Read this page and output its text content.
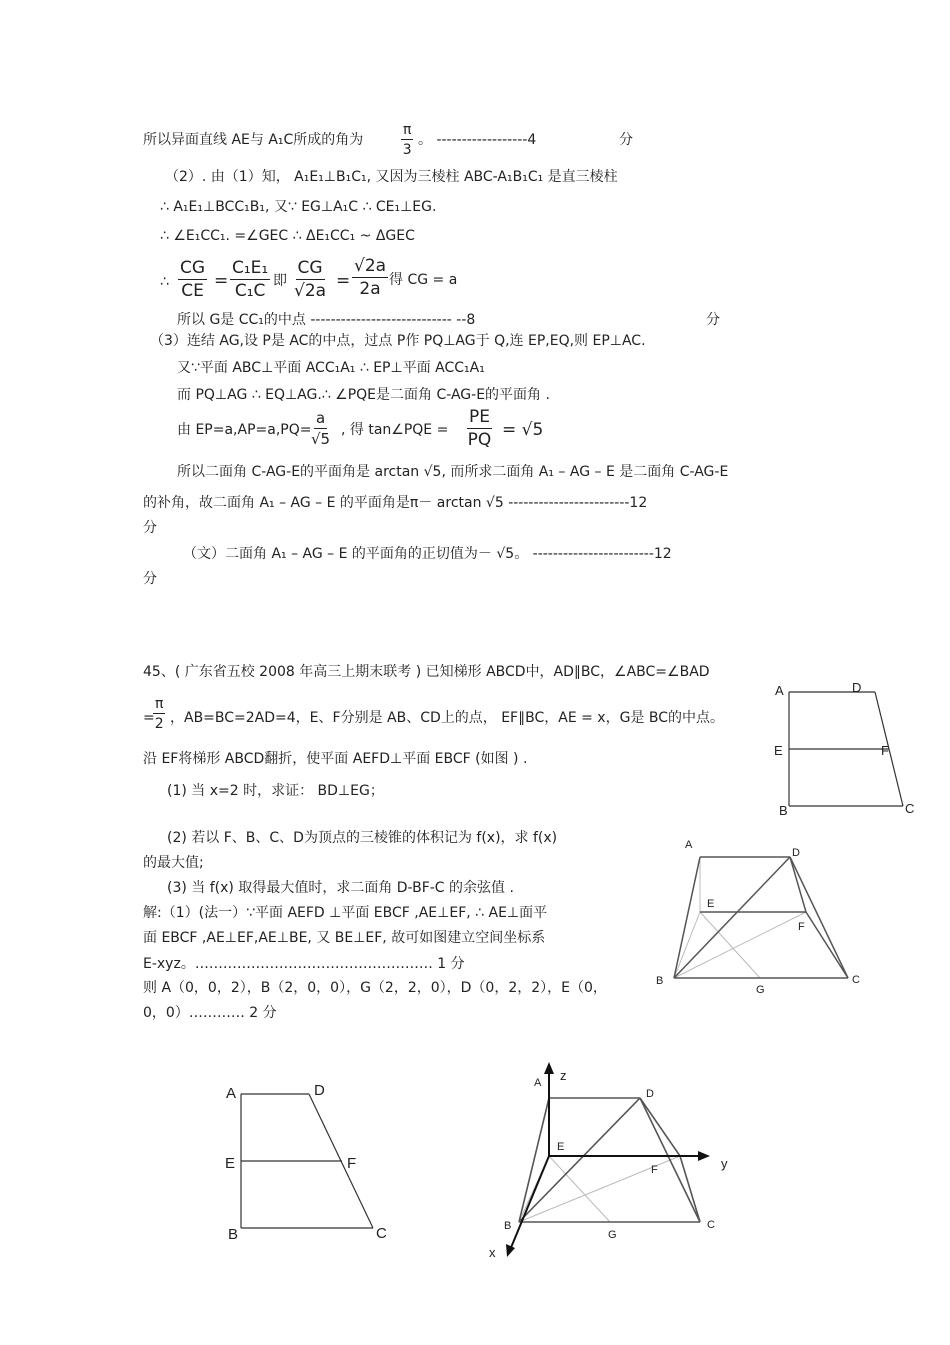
所以异面直线 AE与 A₁C所成的角为	$\frac{\pi}{3}$ 。 ------------------4	分
（2）. 由（1）知， A₁E₁⊥B₁C₁, 又因为三棱柱 ABC-A₁B₁C₁ 是直三棱柱
∴ A₁E₁⊥BCC₁B₁, 又∵ EG⊥A₁C ∴ CE₁⊥EG.
∴ ∠E₁CC₁. =∠GEC ∴ ΔE₁CC₁ ~ ΔGEC
∴ $\frac{CG}{CE} = \frac{\text{C₁E₁}}{\text{C₁C}}$ 即 $\frac{CG}{√2a} = \frac{√2a}{2a}$ 得 CG = a
所以 G是 CC₁的中点 ---------------------------- --8	分
（3）连结 AG,设 P是 AC的中点，过点 P作 PQ⊥AG于 Q,连 EP,EQ,则 EP⊥AC.
又∵平面 ABC⊥平面 ACC₁A₁ ∴ EP⊥平面 ACC₁A₁
而 PQ⊥AG ∴ EQ⊥AG.∴ ∠PQE是二面角 C-AG-E的平面角 .
由 $EP=a,AP=a,PQ= \frac{a}{√5}$ , 得 tan∠PQE = $\frac{PE}{PQ} = √5$
所以二面角 C-AG-E的平面角是 arctan √5, 而所求二面角 A₁ – AG – E 是二面角 C-AG-E
的补角，故二面角 A₁ – AG – E 的平面角是π－ arctan √5 ------------------------12
分
（文）二面角 A₁ – AG – E 的平面角的正切值为－ √5。 ------------------------12
分
45、( 广东省五校 2008 年高三上期末联考 ) 已知梯形 ABCD中，AD∥BC，∠ABC=∠BAD
=
$\frac{\pi}{2}$ ，AB=BC=2AD=4，E、F分别是 AB、CD上的点， EF∥BC，AE = x，G是 BC的中点。
沿 EF将梯形 ABCD翻折，使平面 AEFD⊥平面 EBCF (如图 ) .
(1) 当 x=2 时，求证： BD⊥EG；
(2) 若以 F、B、C、D为顶点的三棱锥的体积记为 f(x)，求 f(x)
的最大值;
(3) 当 f(x) 取得最大值时，求二面角 D-BF-C 的余弦值 .
解:（1）(法一）∵平面 AEFD ⊥平面 EBCF ,AE⊥EF, ∴ AE⊥面平
面 EBCF ,AE⊥EF,AE⊥BE, 又 BE⊥EF, 故可如图建立空间坐标系
E-xyz。…………………………………………… 1 分
则 A（0，0，2），B（2，0，0），G（2，2，0），D（0，2，2），E（0，
0，0）………… 2 分
A	D
E	F
B	C
A
D
E
F
B
G
C
A	D
E	F
B	C
z
y
x
A
D
E
F
B
G
C
